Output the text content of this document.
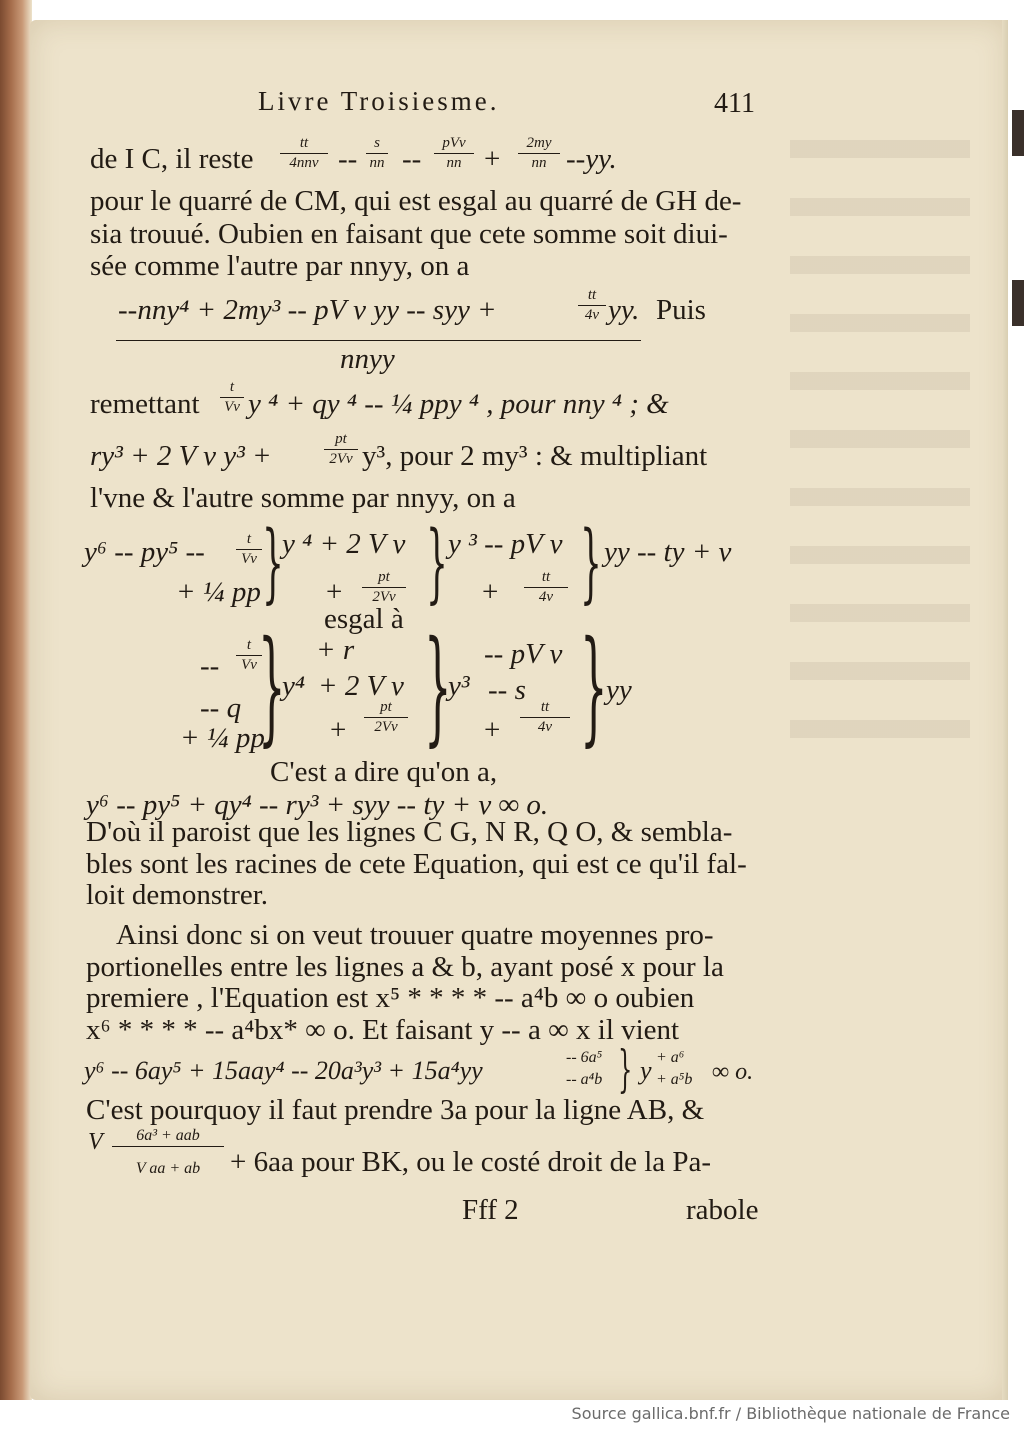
Livre Troisiesme.	411
de I C, il reste	tt
$4nnv -- \frac{s}{nn}$ --	pVv
nn + $\frac{2my}{nn} --yy$.
pour le quarré de CM, qui est esgal au quarré de GH de-
sia trouué. Oubien en faisant que cete somme soit diui-
sée comme l'autre par nnyy, on a
--nny⁴ + 2my³ -- pV v yy -- syy +	$\frac{tt}{4v}$ yy. Puis
nnyy
remettant $\frac{t}{Vv}$ y ⁴ + qy ⁴ -- ¼ ppy ⁴ , pour nny ⁴ ; &
ry³ + 2 V v y³ +	$\frac{pt}{2Vv} y^3$, pour 2 my³ : & multipliant
l'vne & l'autre somme par nnyy, on a
$y^6 -- py^5 -- \frac{t}{Vv}$
+ ¼ pp }
y ⁴ + 2 V v
+ $\frac{pt}{2Vv}$ } y ³ -- pV v
+ $\frac{tt}{4v}$ } yy -- ty + v
esgal à
-- $\frac{t}{Vv}$
-- q
+ ¼ pp
}
y⁴
+ r
+ 2 V v
+ $\frac{pt}{2Vv}$ }
y³
-- pV v
-- s
+ $\frac{tt}{4v}$ }
yy
C'est a dire qu'on a,
y⁶ -- py⁵ + qy⁴ -- ry³ + syy -- ty + v ∞ o.
D'où il paroist que les lignes C G, N R, Q O, & sembla-
bles sont les racines de cete Equation, qui est ce qu'il fal-
loit demonstrer.
Ainsi donc si on veut trouuer quatre moyennes pro-
portionelles entre les lignes a & b, ayant posé x pour la
premiere , l'Equation est x⁵ * * * * -- a⁴b ∞ o oubien
x⁶ * * * * -- a⁴bx* ∞ o. Et faisant y -- a ∞ x il vient
y⁶ -- 6ay⁵ + 15aay⁴ -- 20a³y³ + 15a⁴yy	-- 6a⁵
-- a⁴b } y + a⁶
+ a⁵b ∞ o.
C'est pourquoy il faut prendre 3a pour la ligne AB, &
V	6a³ + aab
V aa + ab	+ 6aa pour BK, ou le costé droit de la Pa-
Fff 2	rabole
Source gallica.bnf.fr / Bibliothèque nationale de France
